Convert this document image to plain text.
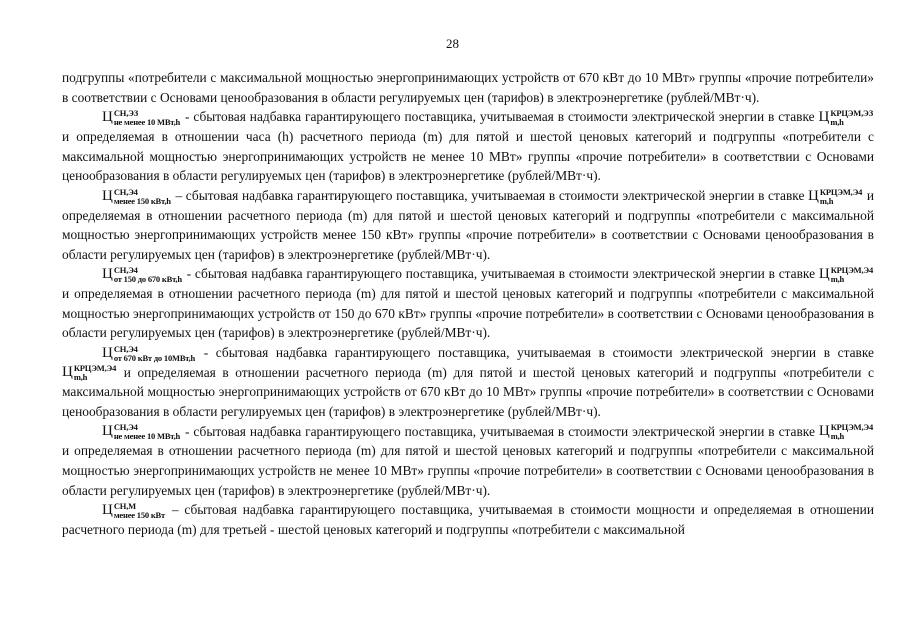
28

подгруппы «потребители с максимальной мощностью энергопринимающих устройств от 670 кВт до 10 МВт» группы «прочие потребители» в соответствии с Основами ценообразования в области регулируемых цен (тарифов) в электроэнергетике (рублей/МВт·ч).

Ц СН,ЭЗ
не менее 10 МВт,h - сбытовая надбавка гарантирующего поставщика, учитываемая в стоимости электрической энергии в ставке Ц КРЦЭМ,ЭЗ
m,h
и определяемая в отношении часа (h) расчетного периода (m) для пятой и шестой ценовых категорий и подгруппы «потребители с максимальной мощностью энергопринимающих устройств не менее 10 МВт» группы «прочие потребители» в соответствии с Основами ценообразования в области регулируемых цен (тарифов) в электроэнергетике (рублей/МВт·ч).

Ц СН,Э4
менее 150 кВт,h – сбытовая надбавка гарантирующего поставщика, учитываемая в стоимости электрической энергии в ставке Ц КРЦЭМ,Э4
m,h	и определяемая в отношении расчетного периода (m) для пятой и шестой ценовых категорий и подгруппы «потребители с максимальной мощностью энергопринимающих устройств менее 150 кВт» группы «прочие потребители» в соответствии с Основами ценообразования в области регулируемых цен (тарифов) в электроэнергетике (рублей/МВт·ч).

Ц СН,Э4
от 150 до 670 кВт,h - сбытовая надбавка гарантирующего поставщика, учитываемая в стоимости электрической энергии в ставке Ц КРЦЭМ,Э4
m,h
и определяемая в отношении расчетного периода (m) для пятой и шестой ценовых категорий и подгруппы «потребители с максимальной мощностью энергопринимающих устройств от 150 до 670 кВт» группы «прочие потребители» в соответствии с Основами ценообразования в области регулируемых цен (тарифов) в электроэнергетике (рублей/МВт·ч).

Ц СН,Э4
от 670 кВт до 10МВт,h - сбытовая надбавка гарантирующего поставщика, учитываемая в стоимости электрической энергии в ставке Ц КРЦЭМ,Э4
m,h	и определяемая в отношении расчетного периода (m) для пятой и шестой ценовых категорий и подгруппы «потребители с максимальной мощностью энергопринимающих устройств от 670 кВт до 10 МВт» группы «прочие потребители» в соответствии с Основами ценообразования в области регулируемых цен (тарифов) в электроэнергетике (рублей/МВт·ч).

Ц СН,Э4
не менее 10 МВт,h - сбытовая надбавка гарантирующего поставщика, учитываемая в стоимости электрической энергии в ставке Ц КРЦЭМ,Э4
m,h
и определяемая в отношении расчетного периода (m) для пятой и шестой ценовых категорий и подгруппы «потребители с максимальной мощностью энергопринимающих устройств не менее 10 МВт» группы «прочие потребители» в соответствии с Основами ценообразования в области регулируемых цен (тарифов) в электроэнергетике (рублей/МВт·ч).

Ц СН,М
менее 150 кВт – сбытовая надбавка гарантирующего поставщика, учитываемая в стоимости мощности и определяемая в отношении расчетного периода (m) для третьей - шестой ценовых категорий и подгруппы «потребители с максимальной
